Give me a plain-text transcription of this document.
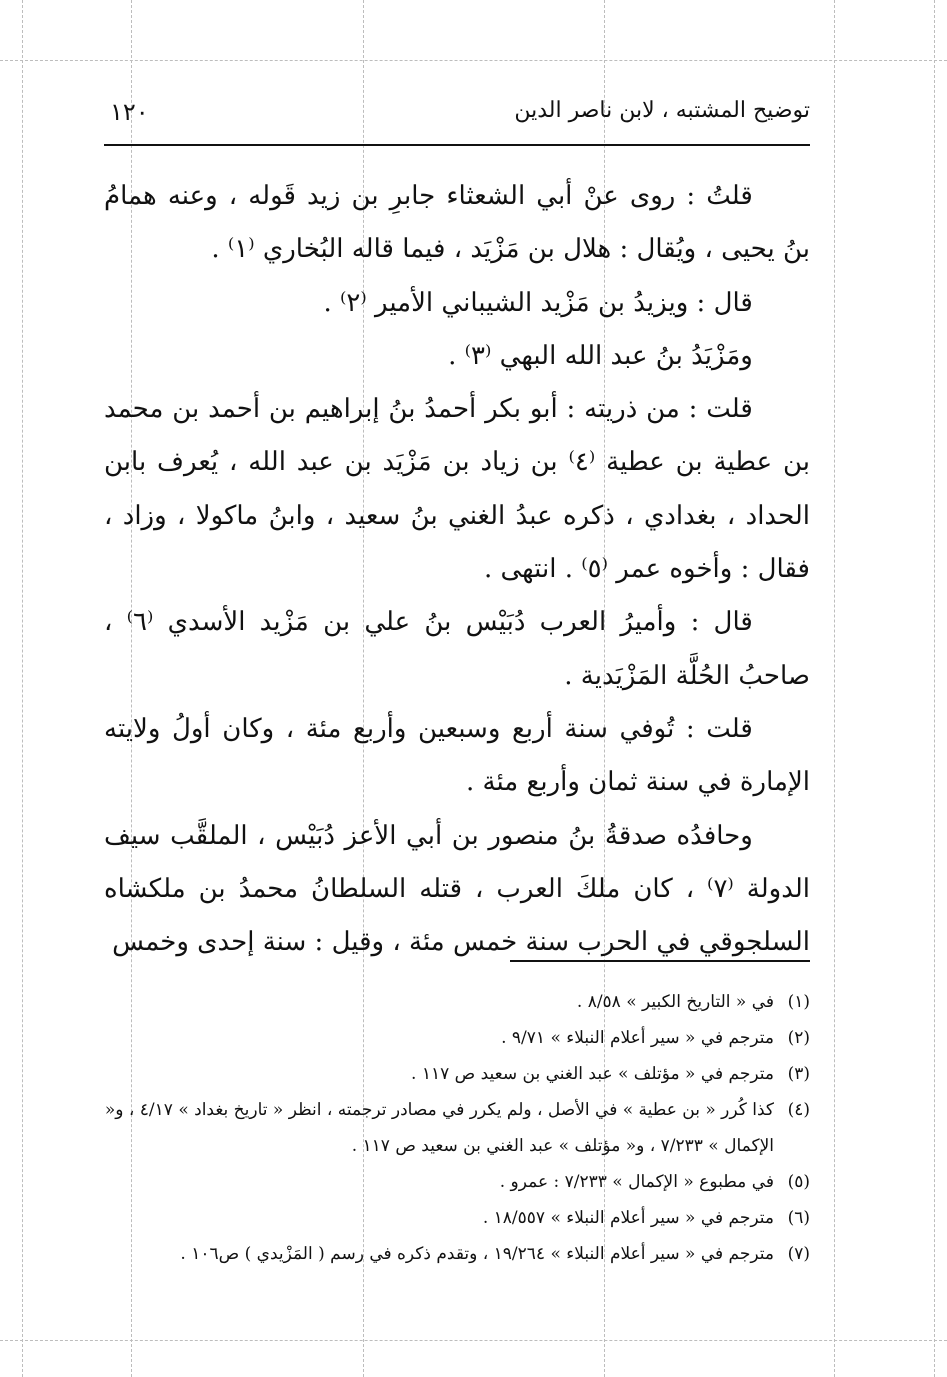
١٢٠	توضيح المشتبه ، لابن ناصر الدين

قلتُ : روى عنْ أبي الشعثاء جابرِ بن زيد قَوله ، وعنه همامُ بنُ يحيى ، ويُقال : هلال بن مَزْيَد ، فيما قاله البُخاري ⁽١⁾ .

قال : ويزيدُ بن مَزْيد الشيباني الأمير ⁽٢⁾ .

ومَزْيَدُ بنُ عبد الله البهي ⁽٣⁾ .

قلت : من ذريته : أبو بكر أحمدُ بنُ إبراهيم بن أحمد بن محمد بن عطية بن عطية ⁽٤⁾ بن زياد بن مَزْيَد بن عبد الله ، يُعرف بابن الحداد ، بغدادي ، ذكره عبدُ الغني بنُ سعيد ، وابنُ ماكولا ، وزاد ، فقال : وأخوه عمر ⁽٥⁾ . انتهى .

قال : وأميرُ العرب دُبَيْس بنُ علي بن مَزْيد الأسدي ⁽٦⁾ ، صاحبُ الحُلَّة المَزْيَدية .

قلت : تُوفي سنة أربع وسبعين وأربع مئة ، وكان أولُ ولايته الإمارة في سنة ثمان وأربع مئة .

وحافدُه صدقةُ بنُ منصور بن أبي الأعز دُبَيْس ، الملقَّب سيف الدولة ⁽٧⁾ ، كان ملكَ العرب ، قتله السلطانُ محمدُ بن ملكشاه السلجوقي في الحرب سنة خمس مئة ، وقيل : سنة إحدى وخمس

(١)
في « التاريخ الكبير » ٨/٥٨ .
(٢)
مترجم في « سير أعلام النبلاء » ٩/٧١ .
(٣)
مترجم في « مؤتلف » عبد الغني بن سعيد ص ١١٧ .
(٤)
كذا كُرر « بن عطية » في الأصل ، ولم يكرر في مصادر ترجمته ، انظر « تاريخ بغداد » ٤/١٧ ، و« الإكمال » ٧/٢٣٣ ، و« مؤتلف » عبد الغني بن سعيد ص ١١٧ .
(٥)
في مطبوع « الإكمال » ٧/٢٣٣ : عمرو .
(٦)
مترجم في « سير أعلام النبلاء » ١٨/٥٥٧ .
(٧)
مترجم في « سير أعلام النبلاء » ١٩/٢٦٤ ، وتقدم ذكره في رسم ( المَزْيدي ) ص١٠٦ .
